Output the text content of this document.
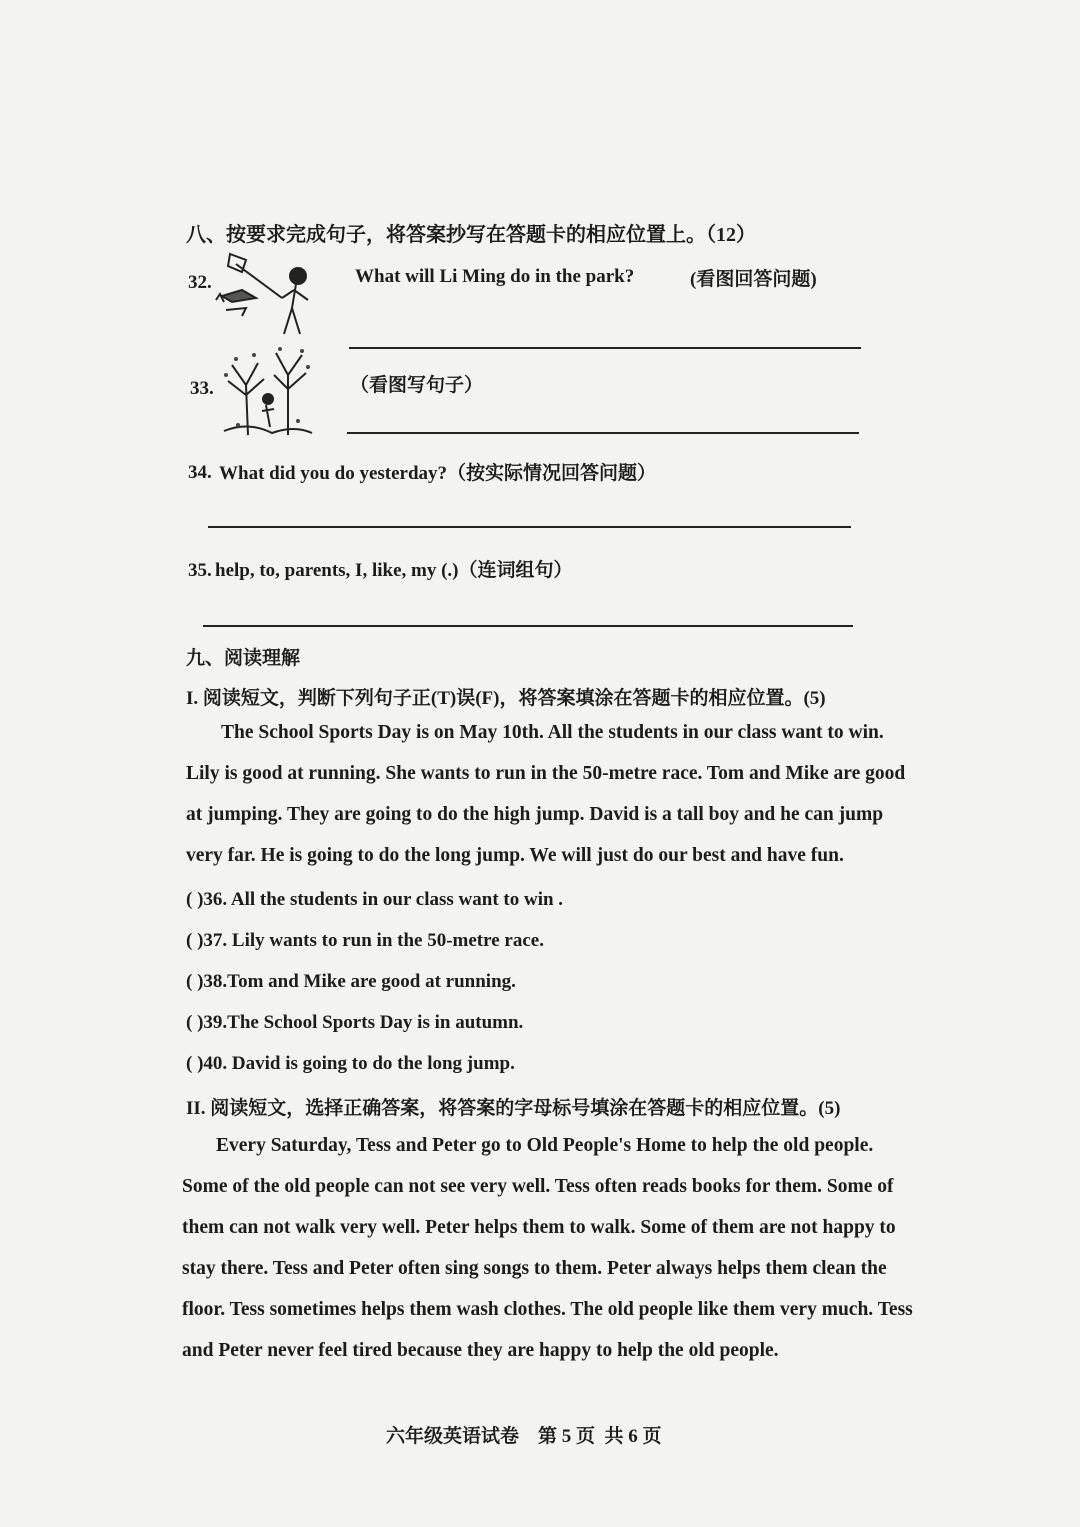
八、按要求完成句子，将答案抄写在答题卡的相应位置上。（12）
32.	What will Li Ming do in the park?	(看图回答问题)
33.	（看图写句子）
34. What did you do yesterday?（按实际情况回答问题）
35. help, to, parents, I, like, my (.)（连词组句）
九、阅读理解
I. 阅读短文，判断下列句子正(T)误(F)，将答案填涂在答题卡的相应位置。(5)
The School Sports Day is on May 10th. All the students in our class want to win.
Lily is good at running. She wants to run in the 50-metre race. Tom and Mike are good
at jumping. They are going to do the high jump. David is a tall boy and he can jump
very far. He is going to do the long jump. We will just do our best and have fun.
( )36. All the students in our class want to win .
( )37. Lily wants to run in the 50-metre race.
( )38.Tom and Mike are good at running.
( )39.The School Sports Day is in autumn.
( )40. David is going to do the long jump.
II. 阅读短文，选择正确答案，将答案的字母标号填涂在答题卡的相应位置。(5)
Every Saturday, Tess and Peter go to Old People's Home to help the old people.
Some of the old people can not see very well. Tess often reads books for them. Some of
them can not walk very well. Peter helps them to walk. Some of them are not happy to
stay there. Tess and Peter often sing songs to them. Peter always helps them clean the
floor. Tess sometimes helps them wash clothes. The old people like them very much. Tess
and Peter never feel tired because they are happy to help the old people.
六年级英语试卷    第 5 页  共 6 页
